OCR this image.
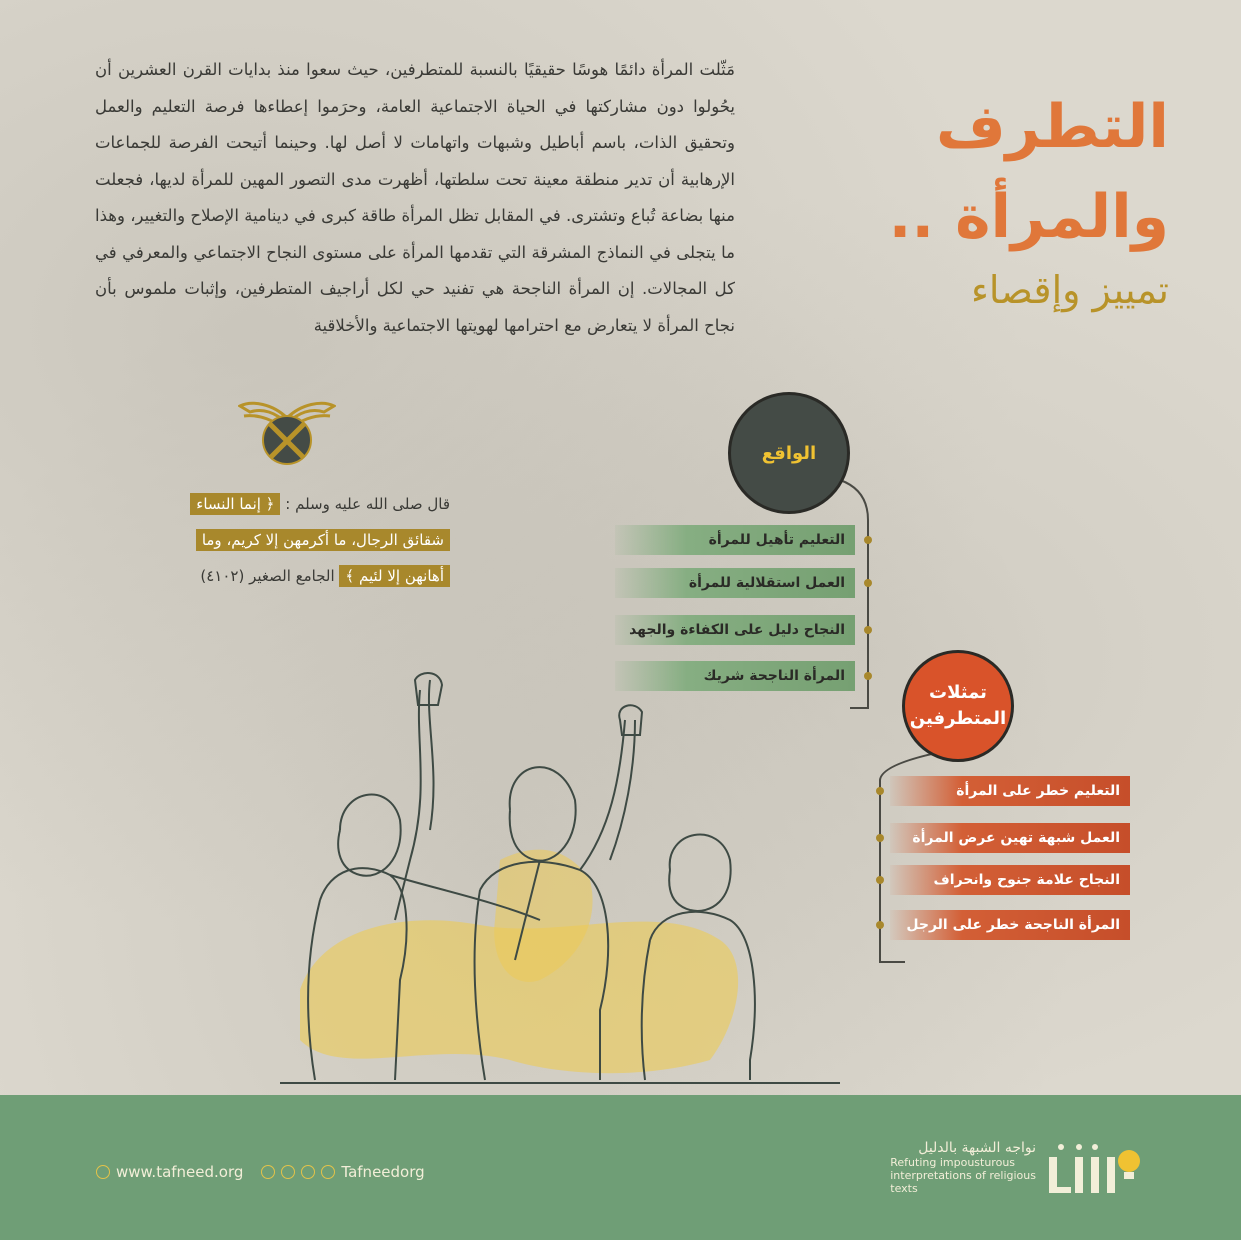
مَثّلت المرأة دائمًا هوسًا حقيقيًا بالنسبة للمتطرفين، حيث سعوا منذ بدايات القرن العشرين أن يحُولوا دون مشاركتها في الحياة الاجتماعية العامة، وحرَموا إعطاءها فرصة التعليم والعمل وتحقيق الذات، باسم أباطيل وشبهات واتهامات لا أصل لها. وحينما أتيحت الفرصة للجماعات الإرهابية أن تدير منطقة معينة تحت سلطتها، أظهرت مدى التصور المهين للمرأة لديها، فجعلت منها بضاعة تُباع وتشترى. في المقابل تظل المرأة طاقة كبرى في دينامية الإصلاح والتغيير، وهذا ما يتجلى في النماذج المشرقة التي تقدمها المرأة على مستوى النجاح الاجتماعي والمعرفي في كل المجالات. إن المرأة الناجحة هي تفنيد حي لكل أراجيف المتطرفين، وإثبات ملموس بأن نجاح المرأة لا يتعارض مع احترامها لهويتها الاجتماعية والأخلاقية
التطرف
والمرأة ..
تمييز وإقصاء
قال صلى الله عليه وسلم : ﴿ إنما النساء
شقائق الرجال، ما أكرمهن إلا كريم، وما
أهانهن إلا لئيم ﴾ الجامع الصغير (٤١٠٢)
الواقع
التعليم تأهيل للمرأة
العمل استقلالية للمرأة
النجاح دليل على الكفاءة والجهد
المرأة الناجحة شريك
تمثلات
المتطرفين
التعليم خطر على المرأة
العمل شبهة تهين عرض المرأة
النجاح علامة جنوح وانحراف
المرأة الناجحة خطر على الرجل
www.tafneed.org	Tafneedorg
نواجه الشبهة بالدليل
Refuting impousturous
interpretations of religious
texts
